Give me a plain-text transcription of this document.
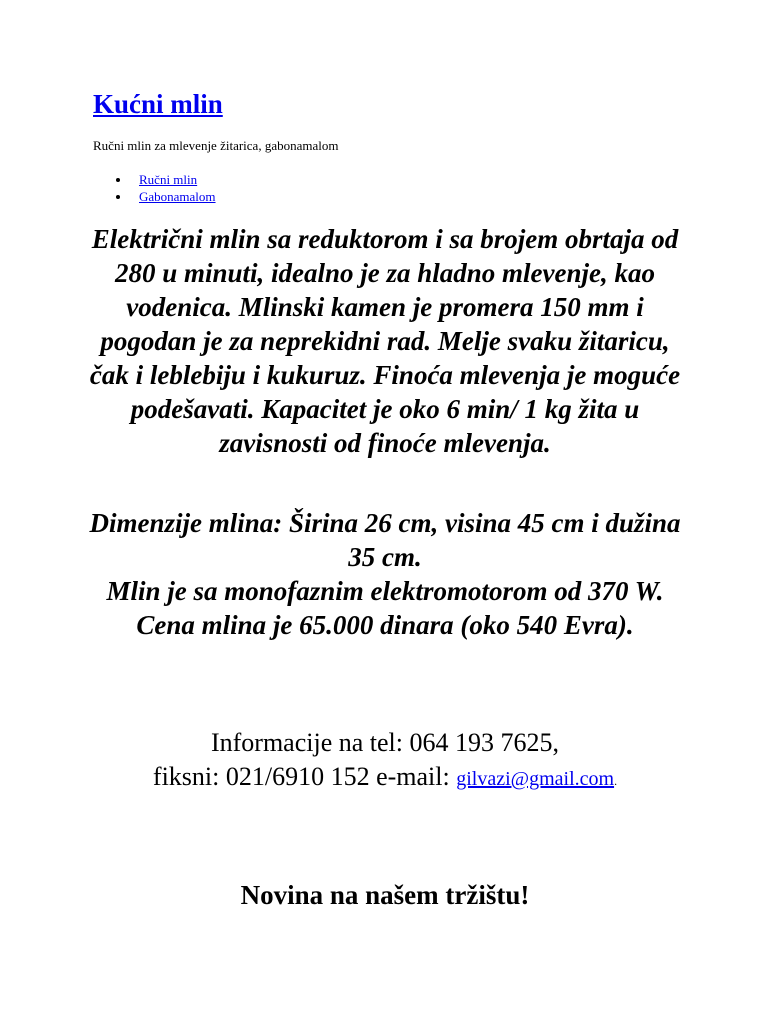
Kućni mlin

Ručni mlin za mlevenje žitarica, gabonamalom

Ručni mlin
Gabonamalom

Električni mlin sa reduktorom i sa brojem obrtaja od 280 u minuti, idealno je za hladno mlevenje, kao vodenica. Mlinski kamen je promera 150 mm i pogodan je za neprekidni rad. Melje svaku žitaricu, čak i leblebiju i kukuruz. Finoća mlevenja je moguće podešavati. Kapacitet je oko 6 min/ 1 kg žita u zavisnosti od finoće mlevenja.

Dimenzije mlina: Širina 26 cm, visina 45 cm i dužina 35 cm.
Mlin je sa monofaznim elektromotorom od 370 W.
Cena mlina je 65.000 dinara (oko 540 Evra).
Informacije na tel: 064 193 7625,
fiksni: 021/6910 152 e-mail: gilvazi@gmail.com.
Novina na našem tržištu!
